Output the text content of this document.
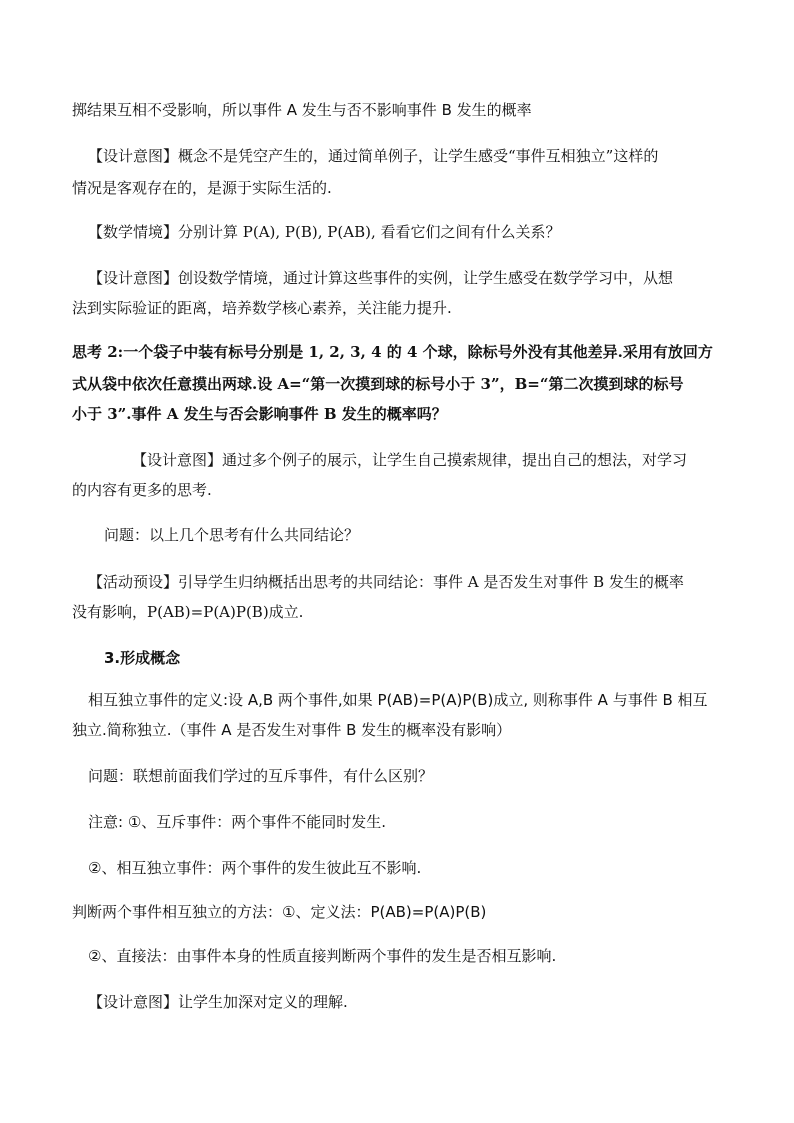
掷结果互相不受影响，所以事件 A 发生与否不影响事件 B 发生的概率
【设计意图】概念不是凭空产生的，通过简单例子，让学生感受“事件互相独立”这样的
情况是客观存在的，是源于实际生活的.
【数学情境】分别计算 P(A), P(B), P(AB), 看看它们之间有什么关系？
【设计意图】创设数学情境，通过计算这些事件的实例，让学生感受在数学学习中，从想
法到实际验证的距离，培养数学核心素养，关注能力提升.
思考 2:一个袋子中装有标号分别是 1, 2, 3, 4 的 4 个球，除标号外没有其他差异.采用有放回方
式从袋中依次任意摸出两球.设 A=“第一次摸到球的标号小于 3”，B=“第二次摸到球的标号
小于 3”.事件 A 发生与否会影响事件 B 发生的概率吗？
【设计意图】通过多个例子的展示，让学生自己摸索规律，提出自己的想法，对学习
的内容有更多的思考.
问题：以上几个思考有什么共同结论？
【活动预设】引导学生归纳概括出思考的共同结论：事件 A 是否发生对事件 B 发生的概率
没有影响，P(AB)=P(A)P(B)成立.
3.形成概念
相互独立事件的定义:设 A,B 两个事件,如果 P(AB)=P(A)P(B)成立, 则称事件 A 与事件 B 相互
独立.简称独立.（事件 A 是否发生对事件 B 发生的概率没有影响）
问题：联想前面我们学过的互斥事件，有什么区别？
注意: ①、互斥事件：两个事件不能同时发生.
②、相互独立事件：两个事件的发生彼此互不影响.
判断两个事件相互独立的方法：①、定义法：P(AB)=P(A)P(B)
②、直接法：由事件本身的性质直接判断两个事件的发生是否相互影响.
【设计意图】让学生加深对定义的理解.
